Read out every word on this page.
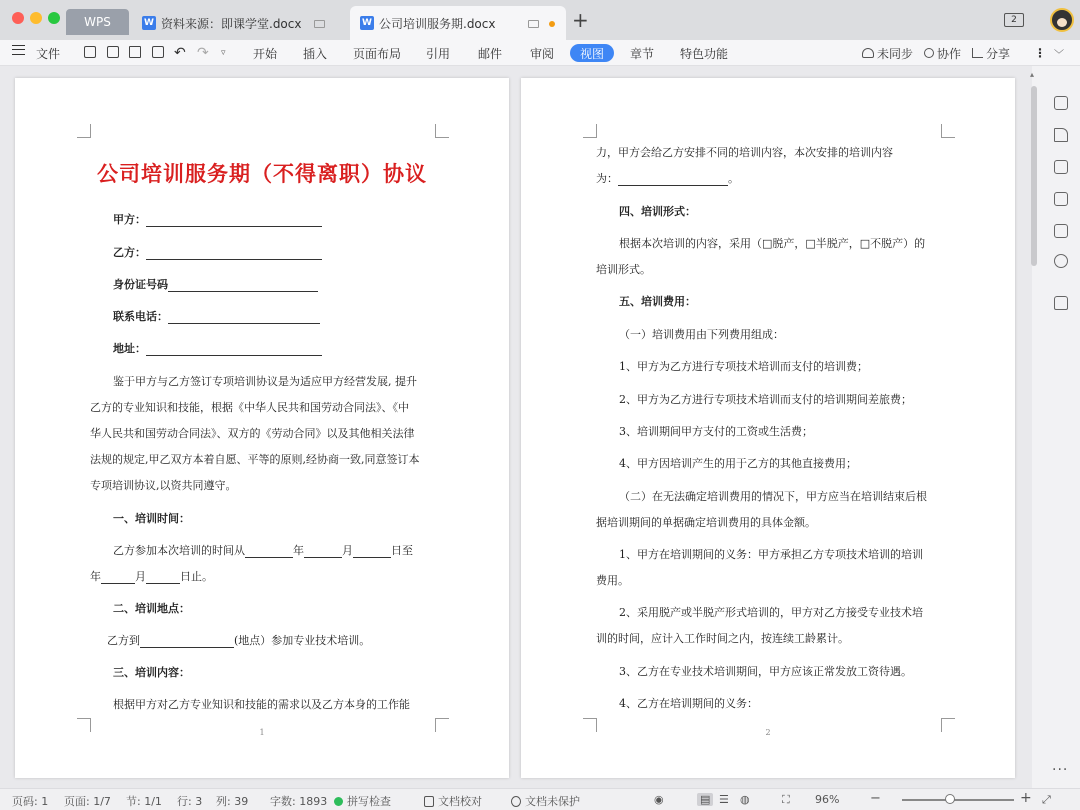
WPS	W 资料来源：即课学堂.docx	W 公司培训服务期.docx	+	2
文件	↶ ↷ ▿ 开始 插入 页面布局 引用 邮件 审阅	视图	章节 特色功能	未同步 协作 分享 ⋮ ﹀
公司培训服务期（不得离职）协议
甲方：
乙方：
身份证号码
联系电话：
地址：
鉴于甲方与乙方签订专项培训协议是为适应甲方经营发展, 提升
乙方的专业知识和技能，根据《中华人民共和国劳动合同法》、《中
华人民共和国劳动合同法》、双方的《劳动合同》以及其他相关法律
法规的规定,甲乙双方本着自愿、平等的原则,经协商一致,同意签订本
专项培训协议,以资共同遵守。
一、培训时间：
乙方参加本次培训的时间从	年	月	日至
年	月	日止。
二、培训地点：
乙方到	(地点）参加专业技术培训。
三、培训内容：
根据甲方对乙方专业知识和技能的需求以及乙方本身的工作能
1
力，甲方会给乙方安排不同的培训内容，本次安排的培训内容
为：	。
四、培训形式：
根据本次培训的内容，采用（□脱产，□半脱产，□不脱产）的
培训形式。
五、培训费用：
（一）培训费用由下列费用组成：
1、甲方为乙方进行专项技术培训而支付的培训费；
2、甲方为乙方进行专项技术培训而支付的培训期间差旅费；
3、培训期间甲方支付的工资或生活费；
4、甲方因培训产生的用于乙方的其他直接费用；
（二）在无法确定培训费用的情况下，甲方应当在培训结束后根
据培训期间的单据确定培训费用的具体金额。
1、甲方在培训期间的义务：甲方承担乙方专项技术培训的培训
费用。
2、采用脱产或半脱产形式培训的，甲方对乙方接受专业技术培
训的时间，应计入工作时间之内，按连续工龄累计。
3、乙方在专业技术培训期间，甲方应该正常发放工资待遇。
4、乙方在培训期间的义务：
2
▴
···
页码: 1 页面: 1/7 节: 1/1 行: 3 列: 39 字数: 1893	拼写检查	文档校对	文档未保护	◉	▤ ☰ ◍	⛶ 96% −	+ ⤢
